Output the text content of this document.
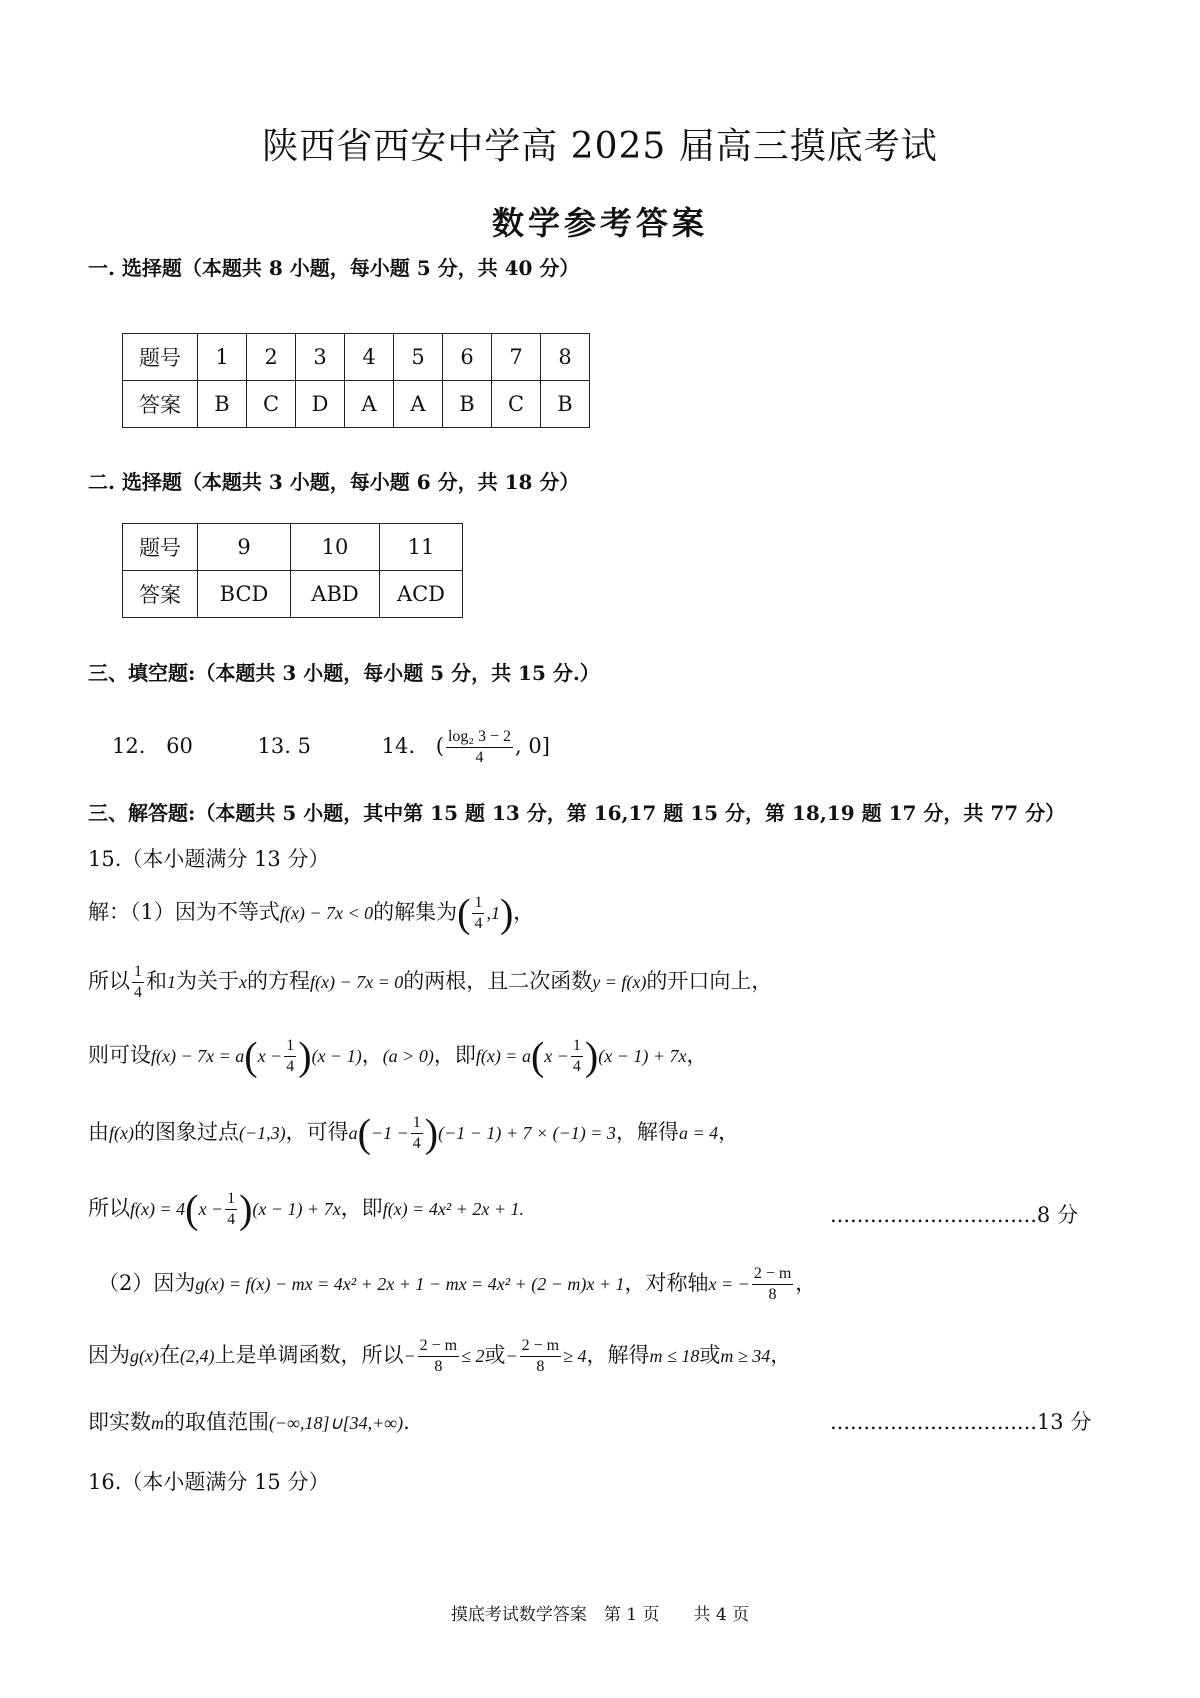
陕西省西安中学高 2025 届高三摸底考试
数学参考答案
一. 选择题（本题共 8 小题，每小题 5 分，共 40 分）
题号	1	2	3	4	5	6	7	8
答案	B	C	D	A	A	B	C	B
二. 选择题（本题共 3 小题，每小题 6 分，共 18 分）
题号	9	10	11
答案	BCD	ABD	ACD
三、填空题:（本题共 3 小题，每小题 5 分，共 15 分.）
12. 60	13. 5	14. ( $\frac{\text{log₂ 3 − 2}}{4}$ , 0]
三、解答题:（本题共 5 小题，其中第 15 题 13 分，第 16,17 题 15 分，第 18,19 题 17 分，共 77 分）
15.（本小题满分 13 分）
解：（1）因为不等式f(x) − 7x < 0的解集为( $\frac{1}{4} ,1$)，
所以 $\frac{1}{4}$ 和1为关于x的方程f(x) − 7x = 0的两根，且二次函数y = f(x)的开口向上，
则可设$f(x) - 7x = a(x - \frac{1}{4} )(x - 1)$，(a > 0)，即$f(x) = a(x - \frac{1}{4} )(x - 1) + 7x$，
由f(x)的图象过点(−1,3)，可得$a(-1 - \frac{1}{4} )(-1 - 1) + 7 \times (-1) = 3$，解得a = 4，
所以$f(x) = 4(x - \frac{1}{4} )(x - 1) + 7x$，即f(x) = 4x² + 2x + 1.	...............................8 分
（2）因为g(x) = f(x) − mx = 4x² + 2x + 1 − mx = 4x² + (2 − m)x + 1，对称轴x = − $\frac{2 - m}{8}$ ，
因为g(x)在(2,4)上是单调函数，所以− $\frac{2 - m}{8} \le 2$或− $\frac{2 - m}{8} \ge 4$，解得m ≤ 18或m ≥ 34，
即实数m的取值范围(−∞,18]∪[34,+∞).	...............................13 分
16.（本小题满分 15 分）
摸底考试数学答案　第 1 页　　共 4 页
